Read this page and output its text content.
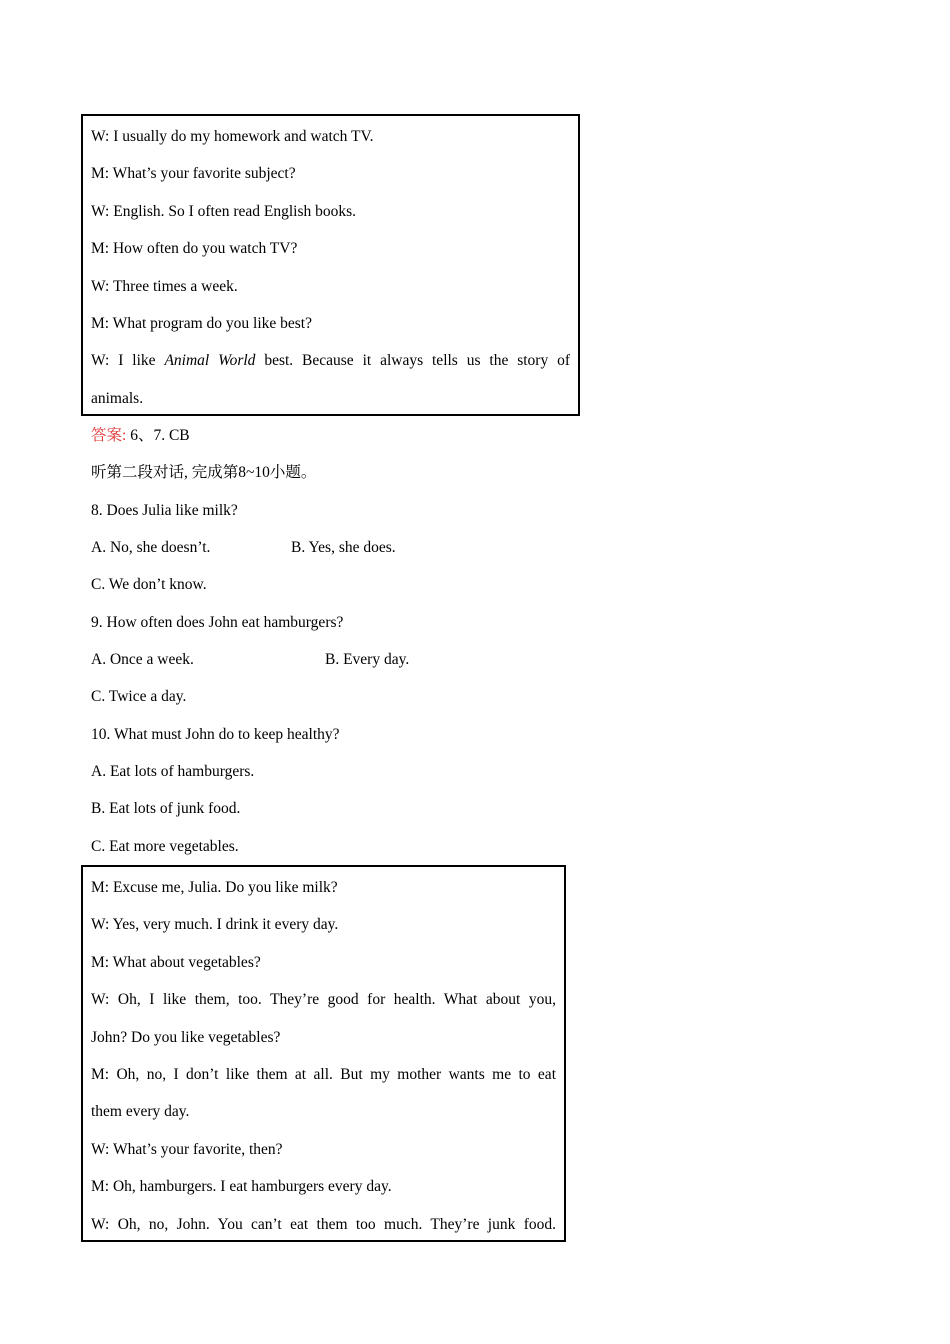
W: I usually do my homework and watch TV.
M: What’s your favorite subject?
W: English. So I often read English books.
M: How often do you watch TV?
W: Three times a week.
M: What program do you like best?
W: I like Animal World best. Because it always tells us the story of
animals.
答案: 6、7. CB
听第二段对话, 完成第8~10小题。
8. Does Julia like milk?
A. No, she doesn’t.	B. Yes, she does.
C. We don’t know.
9. How often does John eat hamburgers?
A. Once a week.	B. Every day.
C. Twice a day.
10. What must John do to keep healthy?
A. Eat lots of hamburgers.
B. Eat lots of junk food.
C. Eat more vegetables.
M: Excuse me, Julia. Do you like milk?
W: Yes, very much. I drink it every day.
M: What about vegetables?
W: Oh, I like them, too. They’re good for health. What about you,
John? Do you like vegetables?
M: Oh, no, I don’t like them at all. But my mother wants me to eat
them every day.
W: What’s your favorite, then?
M: Oh, hamburgers. I eat hamburgers every day.
W: Oh, no, John. You can’t eat them too much. They’re junk food.
